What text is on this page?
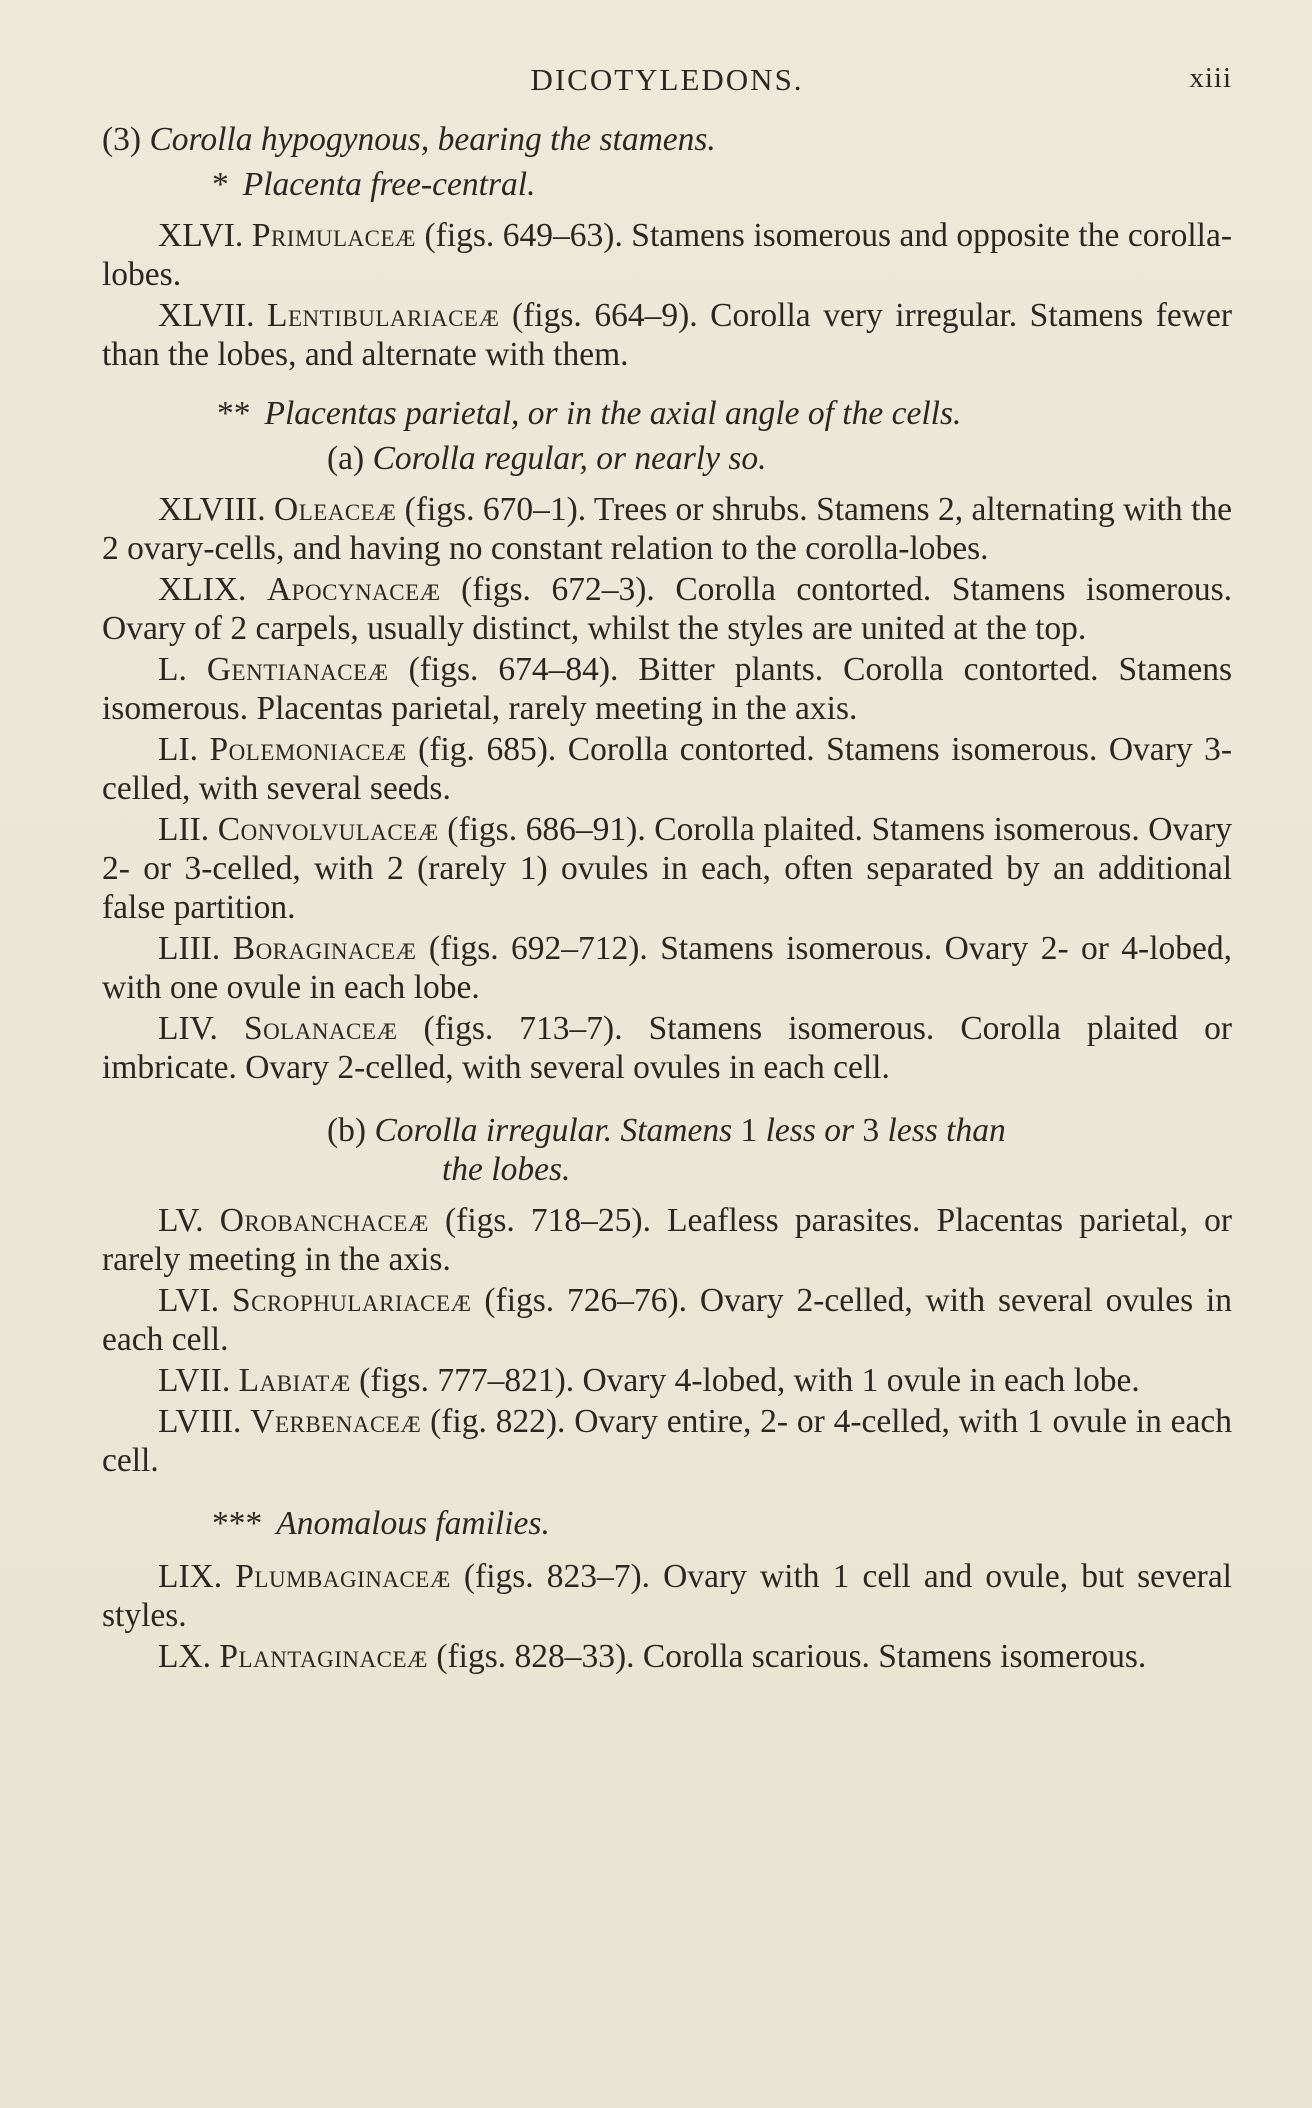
DICOTYLEDONS.	xiii

(3) Corolla hypogynous, bearing the stamens.

* Placenta free-central.

XLVI. Primulaceæ (figs. 649–63). Stamens isomerous and opposite the corolla-lobes.

XLVII. Lentibulariaceæ (figs. 664–9). Corolla very irregular. Stamens fewer than the lobes, and alternate with them.

** Placentas parietal, or in the axial angle of the cells.

(a) Corolla regular, or nearly so.

XLVIII. Oleaceæ (figs. 670–1). Trees or shrubs. Stamens 2, alternating with the 2 ovary-cells, and having no constant relation to the corolla-lobes.

XLIX. Apocynaceæ (figs. 672–3). Corolla contorted. Stamens isomerous. Ovary of 2 carpels, usually distinct, whilst the styles are united at the top.

L. Gentianaceæ (figs. 674–84). Bitter plants. Corolla contorted. Stamens isomerous. Placentas parietal, rarely meeting in the axis.

LI. Polemoniaceæ (fig. 685). Corolla contorted. Stamens isomerous. Ovary 3-celled, with several seeds.

LII. Convolvulaceæ (figs. 686–91). Corolla plaited. Stamens isomerous. Ovary 2- or 3-celled, with 2 (rarely 1) ovules in each, often separated by an additional false partition.

LIII. Boraginaceæ (figs. 692–712). Stamens isomerous. Ovary 2- or 4-lobed, with one ovule in each lobe.

LIV. Solanaceæ (figs. 713–7). Stamens isomerous. Corolla plaited or imbricate. Ovary 2-celled, with several ovules in each cell.

(b) Corolla irregular. Stamens 1 less or 3 less than
the lobes.

LV. Orobanchaceæ (figs. 718–25). Leafless parasites. Placentas parietal, or rarely meeting in the axis.

LVI. Scrophulariaceæ (figs. 726–76). Ovary 2-celled, with several ovules in each cell.

LVII. Labiatæ (figs. 777–821). Ovary 4-lobed, with 1 ovule in each lobe.

LVIII. Verbenaceæ (fig. 822). Ovary entire, 2- or 4-celled, with 1 ovule in each cell.

*** Anomalous families.

LIX. Plumbaginaceæ (figs. 823–7). Ovary with 1 cell and ovule, but several styles.

LX. Plantaginaceæ (figs. 828–33). Corolla scarious. Stamens isomerous.
